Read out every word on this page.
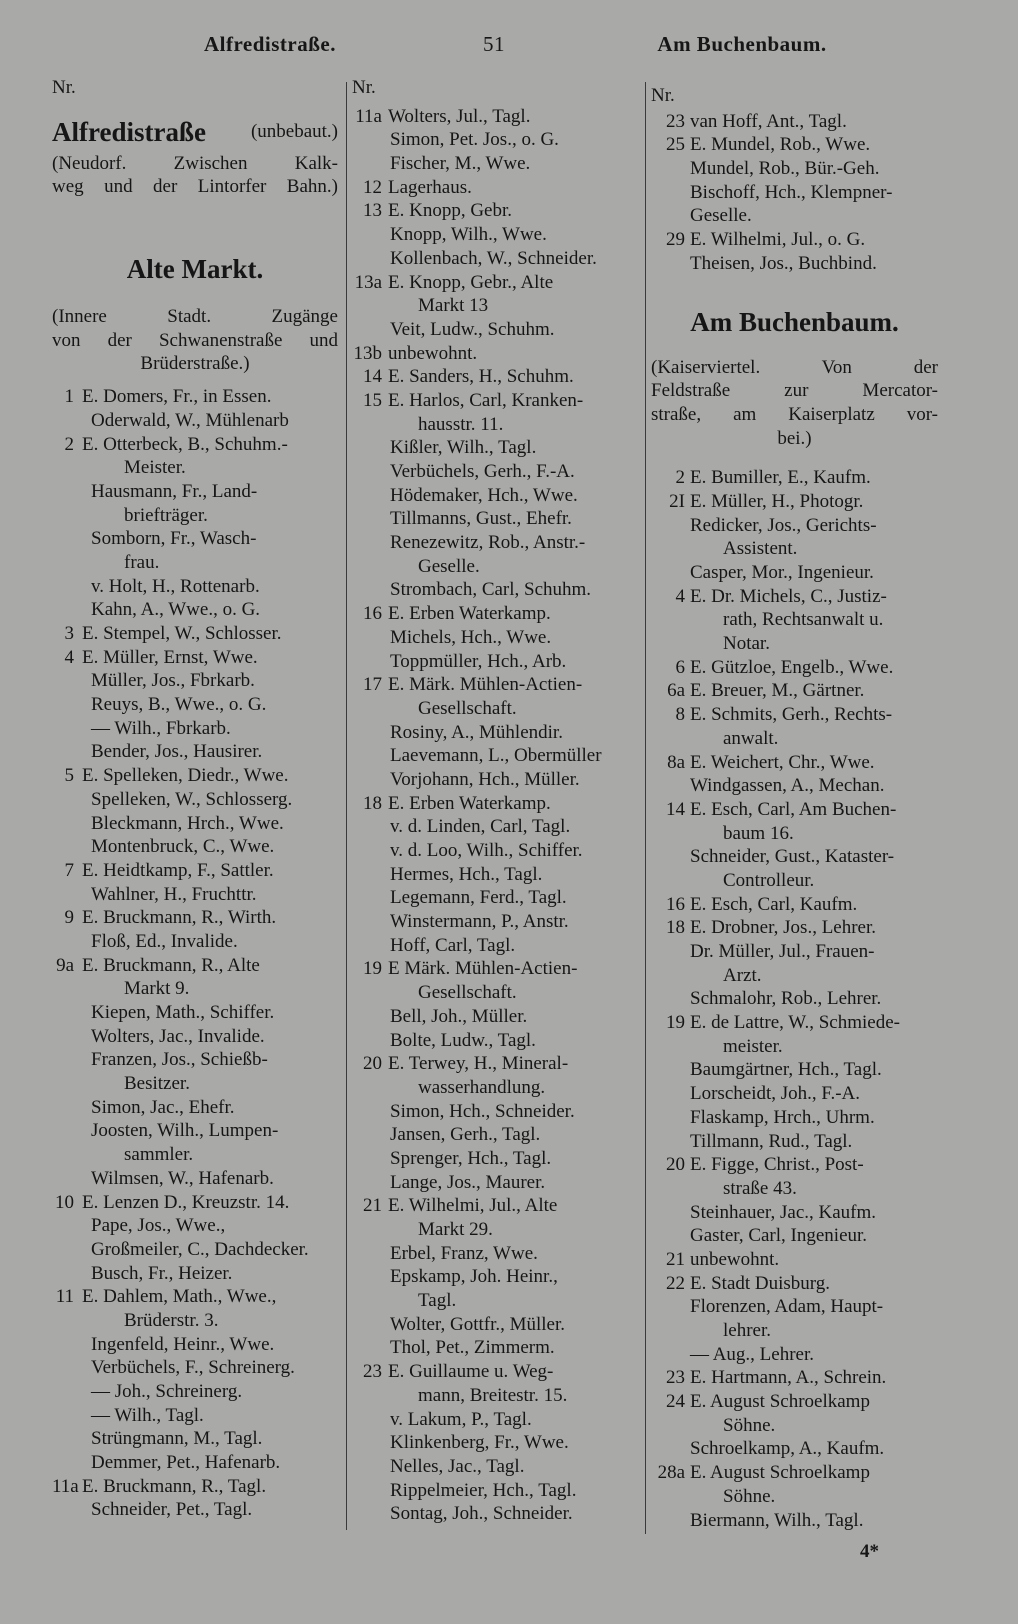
Alfredistraße.	51	Am Buchenbaum.
Nr.
Alfredistraße (unbebaut.)
(Neudorf. Zwischen Kalk-
weg und der Lintorfer Bahn.)
Alte Markt.
(Innere Stadt. Zugänge
von der Schwanenstraße und
Brüderstraße.)
1 E. Domers, Fr., in Essen.
Oderwald, W., Mühlenarb
2 E. Otterbeck, B., Schuhm.-
Meister.
Hausmann, Fr., Land-
briefträger.
Somborn, Fr., Wasch-
frau.
v. Holt, H., Rottenarb.
Kahn, A., Wwe., o. G.
3 E. Stempel, W., Schlosser.
4 E. Müller, Ernst, Wwe.
Müller, Jos., Fbrkarb.
Reuys, B., Wwe., o. G.
— Wilh., Fbrkarb.
Bender, Jos., Hausirer.
5 E. Spelleken, Diedr., Wwe.
Spelleken, W., Schlosserg.
Bleckmann, Hrch., Wwe.
Montenbruck, C., Wwe.
7 E. Heidtkamp, F., Sattler.
Wahlner, H., Fruchttr.
9 E. Bruckmann, R., Wirth.
Floß, Ed., Invalide.
9a E. Bruckmann, R., Alte
Markt 9.
Kiepen, Math., Schiffer.
Wolters, Jac., Invalide.
Franzen, Jos., Schießb-
Besitzer.
Simon, Jac., Ehefr.
Joosten, Wilh., Lumpen-
sammler.
Wilmsen, W., Hafenarb.
10 E. Lenzen D., Kreuzstr. 14.
Pape, Jos., Wwe.,
Großmeiler, C., Dachdecker.
Busch, Fr., Heizer.
11 E. Dahlem, Math., Wwe.,
Brüderstr. 3.
Ingenfeld, Heinr., Wwe.
Verbüchels, F., Schreinerg.
— Joh., Schreinerg.
— Wilh., Tagl.
Strüngmann, M., Tagl.
Demmer, Pet., Hafenarb.
11a E. Bruckmann, R., Tagl.
Schneider, Pet., Tagl.
Nr.
11a Wolters, Jul., Tagl.
Simon, Pet. Jos., o. G.
Fischer, M., Wwe.
12 Lagerhaus.
13 E. Knopp, Gebr.
Knopp, Wilh., Wwe.
Kollenbach, W., Schneider.
13a E. Knopp, Gebr., Alte
Markt 13
Veit, Ludw., Schuhm.
13b unbewohnt.
14 E. Sanders, H., Schuhm.
15 E. Harlos, Carl, Kranken-
hausstr. 11.
Kißler, Wilh., Tagl.
Verbüchels, Gerh., F.-A.
Hödemaker, Hch., Wwe.
Tillmanns, Gust., Ehefr.
Renezewitz, Rob., Anstr.-
Geselle.
Strombach, Carl, Schuhm.
16 E. Erben Waterkamp.
Michels, Hch., Wwe.
Toppmüller, Hch., Arb.
17 E. Märk. Mühlen-Actien-
Gesellschaft.
Rosiny, A., Mühlendir.
Laevemann, L., Obermüller
Vorjohann, Hch., Müller.
18 E. Erben Waterkamp.
v. d. Linden, Carl, Tagl.
v. d. Loo, Wilh., Schiffer.
Hermes, Hch., Tagl.
Legemann, Ferd., Tagl.
Winstermann, P., Anstr.
Hoff, Carl, Tagl.
19 E Märk. Mühlen-Actien-
Gesellschaft.
Bell, Joh., Müller.
Bolte, Ludw., Tagl.
20 E. Terwey, H., Mineral-
wasserhandlung.
Simon, Hch., Schneider.
Jansen, Gerh., Tagl.
Sprenger, Hch., Tagl.
Lange, Jos., Maurer.
21 E. Wilhelmi, Jul., Alte
Markt 29.
Erbel, Franz, Wwe.
Epskamp, Joh. Heinr.,
Tagl.
Wolter, Gottfr., Müller.
Thol, Pet., Zimmerm.
23 E. Guillaume u. Weg-
mann, Breitestr. 15.
v. Lakum, P., Tagl.
Klinkenberg, Fr., Wwe.
Nelles, Jac., Tagl.
Rippelmeier, Hch., Tagl.
Sontag, Joh., Schneider.
Nr.
23 van Hoff, Ant., Tagl.
25 E. Mundel, Rob., Wwe.
Mundel, Rob., Bür.-Geh.
Bischoff, Hch., Klempner-
Geselle.
29 E. Wilhelmi, Jul., o. G.
Theisen, Jos., Buchbind.
Am Buchenbaum.
(Kaiserviertel. Von der
Feldstraße zur Mercator-
straße, am Kaiserplatz vor-
bei.)
2 E. Bumiller, E., Kaufm.
2I E. Müller, H., Photogr.
Redicker, Jos., Gerichts-
Assistent.
Casper, Mor., Ingenieur.
4 E. Dr. Michels, C., Justiz-
rath, Rechtsanwalt u.
Notar.
6 E. Gützloe, Engelb., Wwe.
6a E. Breuer, M., Gärtner.
8 E. Schmits, Gerh., Rechts-
anwalt.
8a E. Weichert, Chr., Wwe.
Windgassen, A., Mechan.
14 E. Esch, Carl, Am Buchen-
baum 16.
Schneider, Gust., Kataster-
Controlleur.
16 E. Esch, Carl, Kaufm.
18 E. Drobner, Jos., Lehrer.
Dr. Müller, Jul., Frauen-
Arzt.
Schmalohr, Rob., Lehrer.
19 E. de Lattre, W., Schmiede-
meister.
Baumgärtner, Hch., Tagl.
Lorscheidt, Joh., F.-A.
Flaskamp, Hrch., Uhrm.
Tillmann, Rud., Tagl.
20 E. Figge, Christ., Post-
straße 43.
Steinhauer, Jac., Kaufm.
Gaster, Carl, Ingenieur.
21 unbewohnt.
22 E. Stadt Duisburg.
Florenzen, Adam, Haupt-
lehrer.
— Aug., Lehrer.
23 E. Hartmann, A., Schrein.
24 E. August Schroelkamp
Söhne.
Schroelkamp, A., Kaufm.
28a E. August Schroelkamp
Söhne.
Biermann, Wilh., Tagl.
4*
